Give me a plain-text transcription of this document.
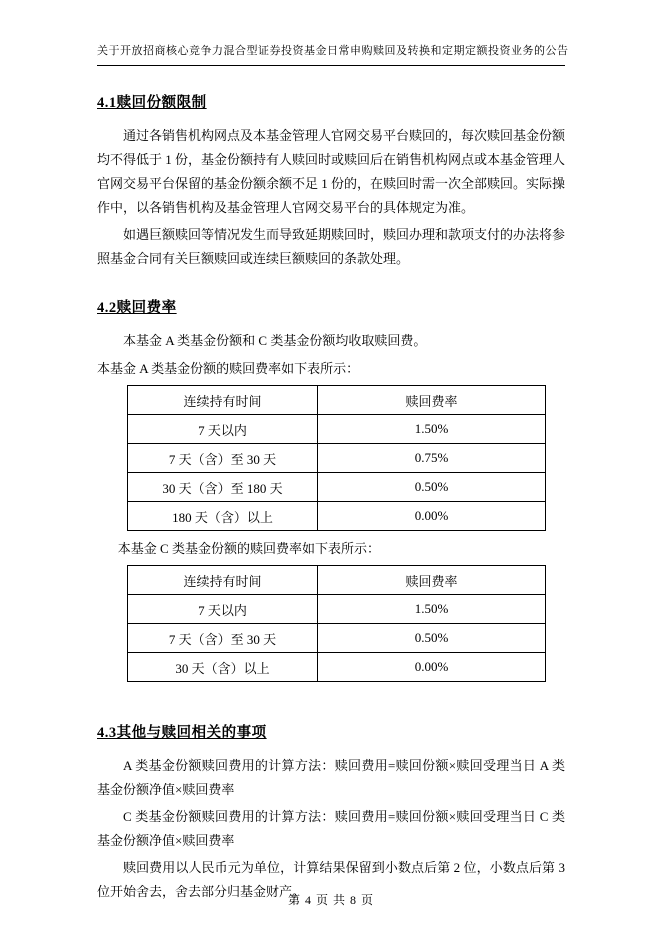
关于开放招商核心竞争力混合型证券投资基金日常申购赎回及转换和定期定额投资业务的公告
4.1赎回份额限制

通过各销售机构网点及本基金管理人官网交易平台赎回的，每次赎回基金份额均不得低于 1 份，基金份额持有人赎回时或赎回后在销售机构网点或本基金管理人官网交易平台保留的基金份额余额不足 1 份的，在赎回时需一次全部赎回。实际操作中，以各销售机构及基金管理人官网交易平台的具体规定为准。

如遇巨额赎回等情况发生而导致延期赎回时，赎回办理和款项支付的办法将参照基金合同有关巨额赎回或连续巨额赎回的条款处理。

4.2赎回费率

本基金 A 类基金份额和 C 类基金份额均收取赎回费。

本基金 A 类基金份额的赎回费率如下表所示：

连续持有时间	赎回费率
7 天以内	1.50%
7 天（含）至 30 天	0.75%
30 天（含）至 180 天	0.50%
180 天（含）以上	0.00%

本基金 C 类基金份额的赎回费率如下表所示：

连续持有时间	赎回费率
7 天以内	1.50%
7 天（含）至 30 天	0.50%
30 天（含）以上	0.00%
4.3其他与赎回相关的事项

A 类基金份额赎回费用的计算方法：赎回费用=赎回份额×赎回受理当日 A 类基金份额净值×赎回费率

C 类基金份额赎回费用的计算方法：赎回费用=赎回份额×赎回受理当日 C 类基金份额净值×赎回费率

赎回费用以人民币元为单位，计算结果保留到小数点后第 2 位，小数点后第 3 位开始舍去，舍去部分归基金财产。

第 4 页 共 8 页
